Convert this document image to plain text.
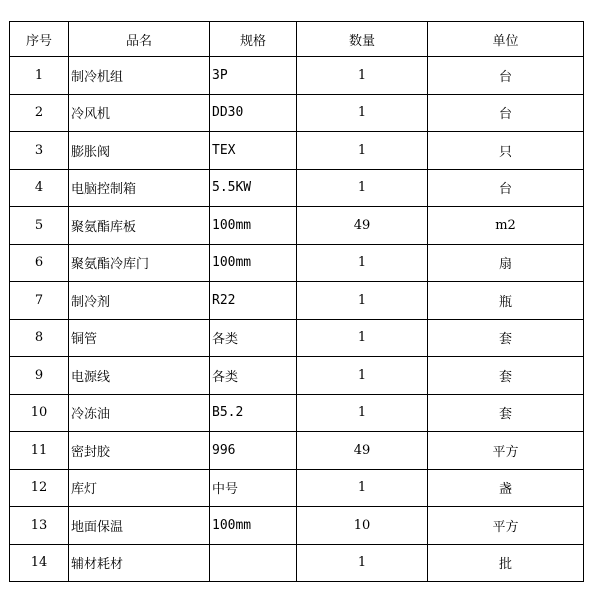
序号	品名	规格	数量	单位
1	制冷机组	3P	1	台
2	冷风机	DD30	1	台
3	膨胀阀	TEX	1	只
4	电脑控制箱	5.5KW	1	台
5	聚氨酯库板	100mm	49	m2
6	聚氨酯冷库门	100mm	1	扇
7	制冷剂	R22	1	瓶
8	铜管	各类	1	套
9	电源线	各类	1	套
10	冷冻油	B5.2	1	套
11	密封胶	996	49	平方
12	库灯	中号	1	盏
13	地面保温	100mm	10	平方
14	辅材耗材		1	批
